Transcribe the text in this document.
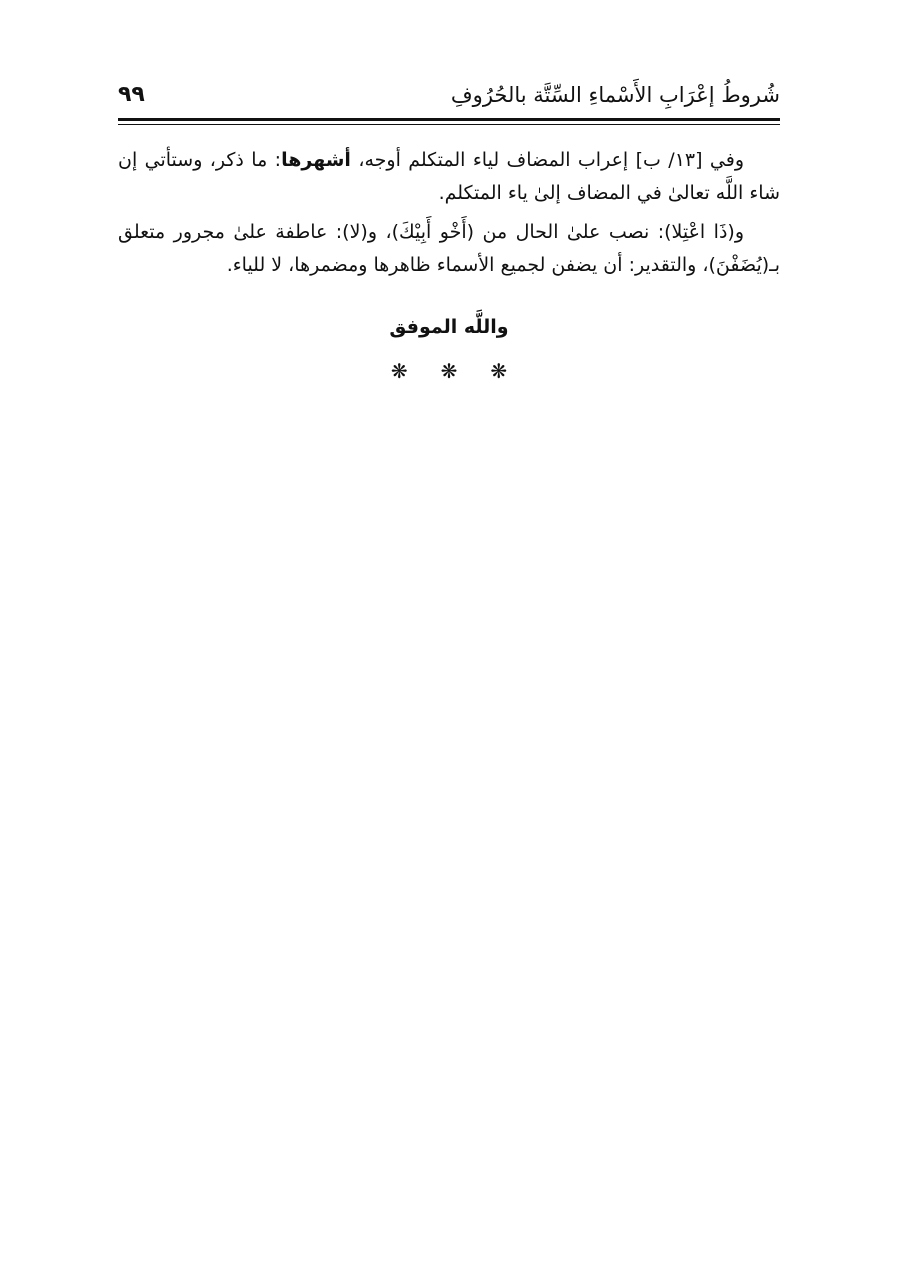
شُروطُ إعْرَابِ الأَسْماءِ السِّتَّة بالحُرُوفِ
٩٩

وفي [١٣/ ب] إعراب المضاف لياء المتكلم أوجه، أشهرها: ما ذكر، وستأتي إن شاء اللَّه تعالىٰ في المضاف إلىٰ ياء المتكلم.

و(ذَا اعْتِلا): نصب علىٰ الحال من (أَخْو أَبِيْكَ)، و(لا): عاطفة علىٰ مجرور متعلق بـ(يُضَفْنَ)، والتقدير: أن يضفن لجميع الأسماء ظاهرها ومضمرها، لا للياء.

واللَّه الموفق
❋ ❋ ❋
